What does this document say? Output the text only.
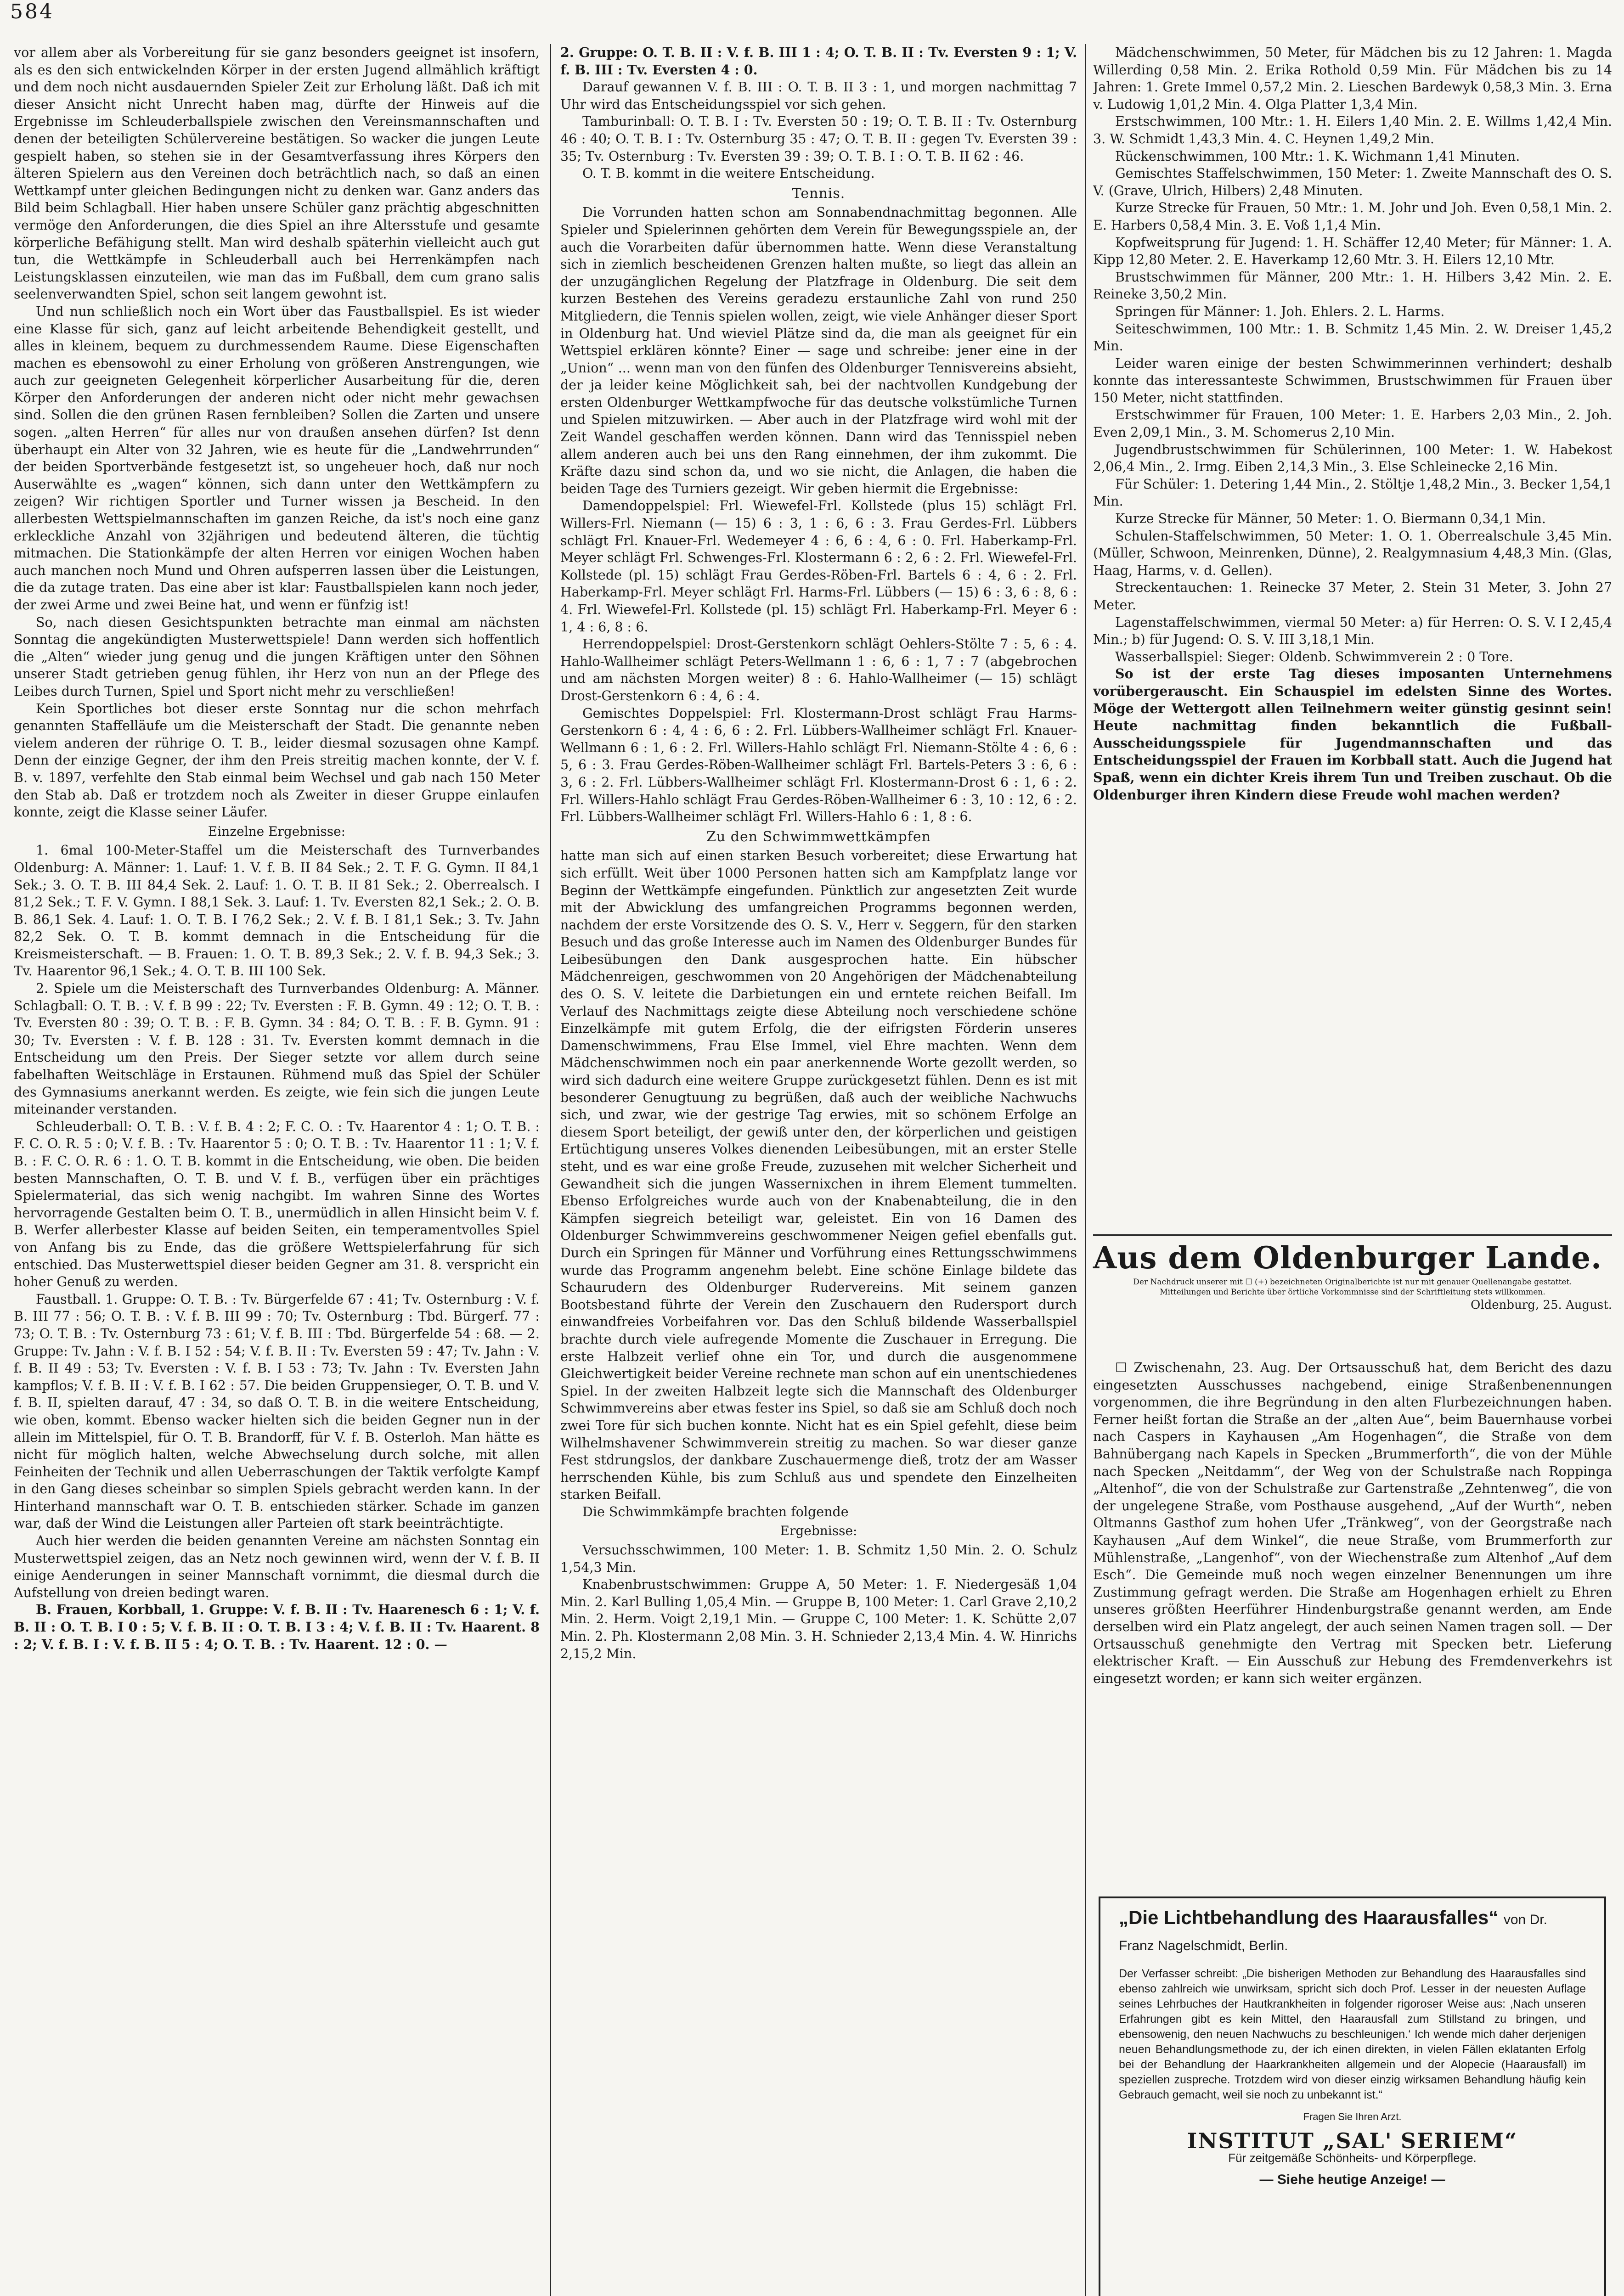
584

vor allem aber als Vorbereitung für sie ganz besonders geeignet ist insofern, als es den sich entwickelnden Körper in der ersten Jugend allmählich kräftigt und dem noch nicht ausdauernden Spieler Zeit zur Erholung läßt. Daß ich mit dieser Ansicht nicht Unrecht haben mag, dürfte der Hinweis auf die Ergebnisse im Schleuderballspiele zwischen den Vereinsmannschaften und denen der beteiligten Schülervereine bestätigen. So wacker die jungen Leute gespielt haben, so stehen sie in der Gesamtverfassung ihres Körpers den älteren Spielern aus den Vereinen doch beträchtlich nach, so daß an einen Wettkampf unter gleichen Bedingungen nicht zu denken war. Ganz anders das Bild beim Schlagball. Hier haben unsere Schüler ganz prächtig abgeschnitten vermöge den Anforderungen, die dies Spiel an ihre Altersstufe und gesamte körperliche Befähigung stellt. Man wird deshalb späterhin vielleicht auch gut tun, die Wettkämpfe in Schleuderball auch bei Herrenkämpfen nach Leistungsklassen einzuteilen, wie man das im Fußball, dem cum grano salis seelenverwandten Spiel, schon seit langem gewohnt ist.

Und nun schließlich noch ein Wort über das Faustballspiel. Es ist wieder eine Klasse für sich, ganz auf leicht arbeitende Behendigkeit gestellt, und alles in kleinem, bequem zu durchmessendem Raume. Diese Eigenschaften machen es ebensowohl zu einer Erholung von größeren Anstrengungen, wie auch zur geeigneten Gelegenheit körperlicher Ausarbeitung für die, deren Körper den Anforderungen der anderen nicht oder nicht mehr gewachsen sind. Sollen die den grünen Rasen fernbleiben? Sollen die Zarten und unsere sogen. „alten Herren“ für alles nur von draußen ansehen dürfen? Ist denn überhaupt ein Alter von 32 Jahren, wie es heute für die „Landwehrrunden“ der beiden Sportverbände festgesetzt ist, so ungeheuer hoch, daß nur noch Auserwählte es „wagen“ können, sich dann unter den Wettkämpfern zu zeigen? Wir richtigen Sportler und Turner wissen ja Bescheid. In den allerbesten Wettspielmannschaften im ganzen Reiche, da ist's noch eine ganz erkleckliche Anzahl von 32jährigen und bedeutend älteren, die tüchtig mitmachen. Die Stationkämpfe der alten Herren vor einigen Wochen haben auch manchen noch Mund und Ohren aufsperren lassen über die Leistungen, die da zutage traten. Das eine aber ist klar: Faustballspielen kann noch jeder, der zwei Arme und zwei Beine hat, und wenn er fünfzig ist!

So, nach diesen Gesichtspunkten betrachte man einmal am nächsten Sonntag die angekündigten Musterwettspiele! Dann werden sich hoffentlich die „Alten“ wieder jung genug und die jungen Kräftigen unter den Söhnen unserer Stadt getrieben genug fühlen, ihr Herz von nun an der Pflege des Leibes durch Turnen, Spiel und Sport nicht mehr zu verschließen!

Kein Sportliches bot dieser erste Sonntag nur die schon mehrfach genannten Staffelläufe um die Meisterschaft der Stadt. Die genannte neben vielem anderen der rührige O. T. B., leider diesmal sozusagen ohne Kampf. Denn der einzige Gegner, der ihm den Preis streitig machen konnte, der V. f. B. v. 1897, verfehlte den Stab einmal beim Wechsel und gab nach 150 Meter den Stab ab. Daß er trotzdem noch als Zweiter in dieser Gruppe einlaufen konnte, zeigt die Klasse seiner Läufer.

Einzelne Ergebnisse:

1. 6mal 100-Meter-Staffel um die Meisterschaft des Turnverbandes Oldenburg: A. Männer: 1. Lauf: 1. V. f. B. II 84 Sek.; 2. T. F. G. Gymn. II 84,1 Sek.; 3. O. T. B. III 84,4 Sek. 2. Lauf: 1. O. T. B. II 81 Sek.; 2. Oberrealsch. I 81,2 Sek.; T. F. V. Gymn. I 88,1 Sek. 3. Lauf: 1. Tv. Eversten 82,1 Sek.; 2. O. B. B. 86,1 Sek. 4. Lauf: 1. O. T. B. I 76,2 Sek.; 2. V. f. B. I 81,1 Sek.; 3. Tv. Jahn 82,2 Sek. O. T. B. kommt demnach in die Entscheidung für die Kreismeisterschaft. — B. Frauen: 1. O. T. B. 89,3 Sek.; 2. V. f. B. 94,3 Sek.; 3. Tv. Haarentor 96,1 Sek.; 4. O. T. B. III 100 Sek.

2. Spiele um die Meisterschaft des Turnverbandes Oldenburg: A. Männer. Schlagball: O. T. B. : V. f. B 99 : 22; Tv. Eversten : F. B. Gymn. 49 : 12; O. T. B. : Tv. Eversten 80 : 39; O. T. B. : F. B. Gymn. 34 : 84; O. T. B. : F. B. Gymn. 91 : 30; Tv. Eversten : V. f. B. 128 : 31. Tv. Eversten kommt demnach in die Entscheidung um den Preis. Der Sieger setzte vor allem durch seine fabelhaften Weitschläge in Erstaunen. Rühmend muß das Spiel der Schüler des Gymnasiums anerkannt werden. Es zeigte, wie fein sich die jungen Leute miteinander verstanden.

Schleuderball: O. T. B. : V. f. B. 4 : 2; F. C. O. : Tv. Haarentor 4 : 1; O. T. B. : F. C. O. R. 5 : 0; V. f. B. : Tv. Haarentor 5 : 0; O. T. B. : Tv. Haarentor 11 : 1; V. f. B. : F. C. O. R. 6 : 1. O. T. B. kommt in die Entscheidung, wie oben. Die beiden besten Mannschaften, O. T. B. und V. f. B., verfügen über ein prächtiges Spielermaterial, das sich wenig nachgibt. Im wahren Sinne des Wortes hervorragende Gestalten beim O. T. B., unermüdlich in allen Hinsicht beim V. f. B. Werfer allerbester Klasse auf beiden Seiten, ein temperamentvolles Spiel von Anfang bis zu Ende, das die größere Wettspielerfahrung für sich entschied. Das Musterwettspiel dieser beiden Gegner am 31. 8. verspricht ein hoher Genuß zu werden.

Faustball. 1. Gruppe: O. T. B. : Tv. Bürgerfelde 67 : 41; Tv. Osternburg : V. f. B. III 77 : 56; O. T. B. : V. f. B. III 99 : 70; Tv. Osternburg : Tbd. Bürgerf. 77 : 73; O. T. B. : Tv. Osternburg 73 : 61; V. f. B. III : Tbd. Bürgerfelde 54 : 68. — 2. Gruppe: Tv. Jahn : V. f. B. I 52 : 54; V. f. B. II : Tv. Eversten 59 : 47; Tv. Jahn : V. f. B. II 49 : 53; Tv. Eversten : V. f. B. I 53 : 73; Tv. Jahn : Tv. Eversten Jahn kampflos; V. f. B. II : V. f. B. I 62 : 57. Die beiden Gruppensieger, O. T. B. und V. f. B. II, spielten darauf, 47 : 34, so daß O. T. B. in die weitere Entscheidung, wie oben, kommt. Ebenso wacker hielten sich die beiden Gegner nun in der allein im Mittelspiel, für O. T. B. Brandorff, für V. f. B. Osterloh. Man hätte es nicht für möglich halten, welche Abwechselung durch solche, mit allen Feinheiten der Technik und allen Ueberraschungen der Taktik verfolgte Kampf in den Gang dieses scheinbar so simplen Spiels gebracht werden kann. In der Hinterhand mannschaft war O. T. B. entschieden stärker. Schade im ganzen war, daß der Wind die Leistungen aller Parteien oft stark beeinträchtigte.

Auch hier werden die beiden genannten Vereine am nächsten Sonntag ein Musterwettspiel zeigen, das an Netz noch gewinnen wird, wenn der V. f. B. II einige Aenderungen in seiner Mannschaft vornimmt, die diesmal durch die Aufstellung von dreien bedingt waren.

B. Frauen, Korbball, 1. Gruppe: V. f. B. II : Tv. Haarenesch 6 : 1; V. f. B. II : O. T. B. I 0 : 5; V. f. B. II : O. T. B. I 3 : 4; V. f. B. II : Tv. Haarent. 8 : 2; V. f. B. I : V. f. B. II 5 : 4; O. T. B. : Tv. Haarent. 12 : 0. —

2. Gruppe: O. T. B. II : V. f. B. III 1 : 4; O. T. B. II : Tv. Eversten 9 : 1; V. f. B. III : Tv. Eversten 4 : 0.

Darauf gewannen V. f. B. III : O. T. B. II 3 : 1, und morgen nachmittag 7 Uhr wird das Entscheidungsspiel vor sich gehen.

Tamburinball: O. T. B. I : Tv. Eversten 50 : 19; O. T. B. II : Tv. Osternburg 46 : 40; O. T. B. I : Tv. Osternburg 35 : 47; O. T. B. II : gegen Tv. Eversten 39 : 35; Tv. Osternburg : Tv. Eversten 39 : 39; O. T. B. I : O. T. B. II 62 : 46.

O. T. B. kommt in die weitere Entscheidung.

Tennis.

Die Vorrunden hatten schon am Sonnabendnachmittag begonnen. Alle Spieler und Spielerinnen gehörten dem Verein für Bewegungsspiele an, der auch die Vorarbeiten dafür übernommen hatte. Wenn diese Veranstaltung sich in ziemlich bescheidenen Grenzen halten mußte, so liegt das allein an der unzugänglichen Regelung der Platzfrage in Oldenburg. Die seit dem kurzen Bestehen des Vereins geradezu erstaunliche Zahl von rund 250 Mitgliedern, die Tennis spielen wollen, zeigt, wie viele Anhänger dieser Sport in Oldenburg hat. Und wieviel Plätze sind da, die man als geeignet für ein Wettspiel erklären könnte? Einer — sage und schreibe: jener eine in der „Union“ ... wenn man von den fünfen des Oldenburger Tennisvereins absieht, der ja leider keine Möglichkeit sah, bei der nachtvollen Kundgebung der ersten Oldenburger Wettkampfwoche für das deutsche volkstümliche Turnen und Spielen mitzuwirken. — Aber auch in der Platzfrage wird wohl mit der Zeit Wandel geschaffen werden können. Dann wird das Tennisspiel neben allem anderen auch bei uns den Rang einnehmen, der ihm zukommt. Die Kräfte dazu sind schon da, und wo sie nicht, die Anlagen, die haben die beiden Tage des Turniers gezeigt. Wir geben hiermit die Ergebnisse:

Damendoppelspiel: Frl. Wiewefel-Frl. Kollstede (plus 15) schlägt Frl. Willers-Frl. Niemann (— 15) 6 : 3, 1 : 6, 6 : 3. Frau Gerdes-Frl. Lübbers schlägt Frl. Knauer-Frl. Wedemeyer 4 : 6, 6 : 4, 6 : 0. Frl. Haberkamp-Frl. Meyer schlägt Frl. Schwenges-Frl. Klostermann 6 : 2, 6 : 2. Frl. Wiewefel-Frl. Kollstede (pl. 15) schlägt Frau Gerdes-Röben-Frl. Bartels 6 : 4, 6 : 2. Frl. Haberkamp-Frl. Meyer schlägt Frl. Harms-Frl. Lübbers (— 15) 6 : 3, 6 : 8, 6 : 4. Frl. Wiewefel-Frl. Kollstede (pl. 15) schlägt Frl. Haberkamp-Frl. Meyer 6 : 1, 4 : 6, 8 : 6.

Herrendoppelspiel: Drost-Gerstenkorn schlägt Oehlers-Stölte 7 : 5, 6 : 4. Hahlo-Wallheimer schlägt Peters-Wellmann 1 : 6, 6 : 1, 7 : 7 (abgebrochen und am nächsten Morgen weiter) 8 : 6. Hahlo-Wallheimer (— 15) schlägt Drost-Gerstenkorn 6 : 4, 6 : 4.

Gemischtes Doppelspiel: Frl. Klostermann-Drost schlägt Frau Harms-Gerstenkorn 6 : 4, 4 : 6, 6 : 2. Frl. Lübbers-Wallheimer schlägt Frl. Knauer-Wellmann 6 : 1, 6 : 2. Frl. Willers-Hahlo schlägt Frl. Niemann-Stölte 4 : 6, 6 : 5, 6 : 3. Frau Gerdes-Röben-Wallheimer schlägt Frl. Bartels-Peters 3 : 6, 6 : 3, 6 : 2. Frl. Lübbers-Wallheimer schlägt Frl. Klostermann-Drost 6 : 1, 6 : 2. Frl. Willers-Hahlo schlägt Frau Gerdes-Röben-Wallheimer 6 : 3, 10 : 12, 6 : 2. Frl. Lübbers-Wallheimer schlägt Frl. Willers-Hahlo 6 : 1, 8 : 6.

Zu den Schwimmwettkämpfen

hatte man sich auf einen starken Besuch vorbereitet; diese Erwartung hat sich erfüllt. Weit über 1000 Personen hatten sich am Kampfplatz lange vor Beginn der Wettkämpfe eingefunden. Pünktlich zur angesetzten Zeit wurde mit der Abwicklung des umfangreichen Programms begonnen werden, nachdem der erste Vorsitzende des O. S. V., Herr v. Seggern, für den starken Besuch und das große Interesse auch im Namen des Oldenburger Bundes für Leibesübungen den Dank ausgesprochen hatte. Ein hübscher Mädchenreigen, geschwommen von 20 Angehörigen der Mädchenabteilung des O. S. V. leitete die Darbietungen ein und erntete reichen Beifall. Im Verlauf des Nachmittags zeigte diese Abteilung noch verschiedene schöne Einzelkämpfe mit gutem Erfolg, die der eifrigsten Förderin unseres Damenschwimmens, Frau Else Immel, viel Ehre machten. Wenn dem Mädchenschwimmen noch ein paar anerkennende Worte gezollt werden, so wird sich dadurch eine weitere Gruppe zurückgesetzt fühlen. Denn es ist mit besonderer Genugtuung zu begrüßen, daß auch der weibliche Nachwuchs sich, und zwar, wie der gestrige Tag erwies, mit so schönem Erfolge an diesem Sport beteiligt, der gewiß unter den, der körperlichen und geistigen Ertüchtigung unseres Volkes dienenden Leibesübungen, mit an erster Stelle steht, und es war eine große Freude, zuzusehen mit welcher Sicherheit und Gewandheit sich die jungen Wassernixchen in ihrem Element tummelten. Ebenso Erfolgreiches wurde auch von der Knabenabteilung, die in den Kämpfen siegreich beteiligt war, geleistet. Ein von 16 Damen des Oldenburger Schwimmvereins geschwommener Neigen gefiel ebenfalls gut. Durch ein Springen für Männer und Vorführung eines Rettungsschwimmens wurde das Programm angenehm belebt. Eine schöne Einlage bildete das Schaurudern des Oldenburger Rudervereins. Mit seinem ganzen Bootsbestand führte der Verein den Zuschauern den Rudersport durch einwandfreies Vorbeifahren vor. Das den Schluß bildende Wasserballspiel brachte durch viele aufregende Momente die Zuschauer in Erregung. Die erste Halbzeit verlief ohne ein Tor, und durch die ausgenommene Gleichwertigkeit beider Vereine rechnete man schon auf ein unentschiedenes Spiel. In der zweiten Halbzeit legte sich die Mannschaft des Oldenburger Schwimmvereins aber etwas fester ins Spiel, so daß sie am Schluß doch noch zwei Tore für sich buchen konnte. Nicht hat es ein Spiel gefehlt, diese beim Wilhelmshavener Schwimmverein streitig zu machen. So war dieser ganze Fest stdrungslos, der dankbare Zuschauermenge dieß, trotz der am Wasser herrschenden Kühle, bis zum Schluß aus und spendete den Einzelheiten starken Beifall.

Die Schwimmkämpfe brachten folgende

Ergebnisse:

Versuchsschwimmen, 100 Meter: 1. B. Schmitz 1,50 Min. 2. O. Schulz 1,54,3 Min.

Knabenbrustschwimmen: Gruppe A, 50 Meter: 1. F. Niedergesäß 1,04 Min. 2. Karl Bulling 1,05,4 Min. — Gruppe B, 100 Meter: 1. Carl Grave 2,10,2 Min. 2. Herm. Voigt 2,19,1 Min. — Gruppe C, 100 Meter: 1. K. Schütte 2,07 Min. 2. Ph. Klostermann 2,08 Min. 3. H. Schnieder 2,13,4 Min. 4. W. Hinrichs 2,15,2 Min.

Mädchenschwimmen, 50 Meter, für Mädchen bis zu 12 Jahren: 1. Magda Willerding 0,58 Min. 2. Erika Rothold 0,59 Min. Für Mädchen bis zu 14 Jahren: 1. Grete Immel 0,57,2 Min. 2. Lieschen Bardewyk 0,58,3 Min. 3. Erna v. Ludowig 1,01,2 Min. 4. Olga Platter 1,3,4 Min.

Erstschwimmen, 100 Mtr.: 1. H. Eilers 1,40 Min. 2. E. Willms 1,42,4 Min. 3. W. Schmidt 1,43,3 Min. 4. C. Heynen 1,49,2 Min.

Rückenschwimmen, 100 Mtr.: 1. K. Wichmann 1,41 Minuten.

Gemischtes Staffelschwimmen, 150 Meter: 1. Zweite Mannschaft des O. S. V. (Grave, Ulrich, Hilbers) 2,48 Minuten.

Kurze Strecke für Frauen, 50 Mtr.: 1. M. Johr und Joh. Even 0,58,1 Min. 2. E. Harbers 0,58,4 Min. 3. E. Voß 1,1,4 Min.

Kopfweitsprung für Jugend: 1. H. Schäffer 12,40 Meter; für Männer: 1. A. Kipp 12,80 Meter. 2. E. Haverkamp 12,60 Mtr. 3. H. Eilers 12,10 Mtr.

Brustschwimmen für Männer, 200 Mtr.: 1. H. Hilbers 3,42 Min. 2. E. Reineke 3,50,2 Min.

Springen für Männer: 1. Joh. Ehlers. 2. L. Harms.

Seiteschwimmen, 100 Mtr.: 1. B. Schmitz 1,45 Min. 2. W. Dreiser 1,45,2 Min.

Leider waren einige der besten Schwimmerinnen verhindert; deshalb konnte das interessanteste Schwimmen, Brustschwimmen für Frauen über 150 Meter, nicht stattfinden.

Erstschwimmer für Frauen, 100 Meter: 1. E. Harbers 2,03 Min., 2. Joh. Even 2,09,1 Min., 3. M. Schomerus 2,10 Min.

Jugendbrustschwimmen für Schülerinnen, 100 Meter: 1. W. Habekost 2,06,4 Min., 2. Irmg. Eiben 2,14,3 Min., 3. Else Schleinecke 2,16 Min.

Für Schüler: 1. Detering 1,44 Min., 2. Stöltje 1,48,2 Min., 3. Becker 1,54,1 Min.

Kurze Strecke für Männer, 50 Meter: 1. O. Biermann 0,34,1 Min.

Schulen-Staffelschwimmen, 50 Meter: 1. O. 1. Oberrealschule 3,45 Min. (Müller, Schwoon, Meinrenken, Dünne), 2. Realgymnasium 4,48,3 Min. (Glas, Haag, Harms, v. d. Gellen).

Streckentauchen: 1. Reinecke 37 Meter, 2. Stein 31 Meter, 3. John 27 Meter.

Lagenstaffelschwimmen, viermal 50 Meter: a) für Herren: O. S. V. I 2,45,4 Min.; b) für Jugend: O. S. V. III 3,18,1 Min.

Wasserballspiel: Sieger: Oldenb. Schwimmverein 2 : 0 Tore.

So ist der erste Tag dieses imposanten Unternehmens vorübergerauscht. Ein Schauspiel im edelsten Sinne des Wortes. Möge der Wettergott allen Teilnehmern weiter günstig gesinnt sein! Heute nachmittag finden bekanntlich die Fußball-Ausscheidungsspiele für Jugendmannschaften und das Entscheidungsspiel der Frauen im Korbball statt. Auch die Jugend hat Spaß, wenn ein dichter Kreis ihrem Tun und Treiben zuschaut. Ob die Oldenburger ihren Kindern diese Freude wohl machen werden?

Aus dem Oldenburger Lande.
Der Nachdruck unserer mit ☐ (+) bezeichneten Originalberichte ist nur mit genauer Quellenangabe gestattet. Mitteilungen und Berichte über örtliche Vorkommnisse sind der Schriftleitung stets willkommen.
Oldenburg, 25. August.

☐ Zwischenahn, 23. Aug. Der Ortsausschuß hat, dem Bericht des dazu eingesetzten Ausschusses nachgebend, einige Straßenbenennungen vorgenommen, die ihre Begründung in den alten Flurbezeichnungen haben. Ferner heißt fortan die Straße an der „alten Aue“, beim Bauernhause vorbei nach Caspers in Kayhausen „Am Hogenhagen“, die Straße von dem Bahnübergang nach Kapels in Specken „Brummerforth“, die von der Mühle nach Specken „Neitdamm“, der Weg von der Schulstraße nach Roppinga „Altenhof“, die von der Schulstraße zur Gartenstraße „Zehntenweg“, die von der ungelegene Straße, vom Posthause ausgehend, „Auf der Wurth“, neben Oltmanns Gasthof zum hohen Ufer „Tränkweg“, von der Georgstraße nach Kayhausen „Auf dem Winkel“, die neue Straße, vom Brummerforth zur Mühlenstraße, „Langenhof“, von der Wiechenstraße zum Altenhof „Auf dem Esch“. Die Gemeinde muß noch wegen einzelner Benennungen um ihre Zustimmung gefragt werden. Die Straße am Hogenhagen erhielt zu Ehren unseres größten Heerführer Hindenburgstraße genannt werden, am Ende derselben wird ein Platz angelegt, der auch seinen Namen tragen soll. — Der Ortsausschuß genehmigte den Vertrag mit Specken betr. Lieferung elektrischer Kraft. — Ein Ausschuß zur Hebung des Fremdenverkehrs ist eingesetzt worden; er kann sich weiter ergänzen.

„Die Lichtbehandlung des Haarausfalles“ von Dr. Franz Nagelschmidt, Berlin.
Der Verfasser schreibt: „Die bisherigen Methoden zur Behandlung des Haarausfalles sind ebenso zahlreich wie unwirksam, spricht sich doch Prof. Lesser in der neuesten Auflage seines Lehrbuches der Hautkrankheiten in folgender rigoroser Weise aus: ‚Nach unseren Erfahrungen gibt es kein Mittel, den Haarausfall zum Stillstand zu bringen, und ebensowenig, den neuen Nachwuchs zu beschleunigen.‘ Ich wende mich daher derjenigen neuen Behandlungsmethode zu, der ich einen direkten, in vielen Fällen eklatanten Erfolg bei der Behandlung der Haarkrankheiten allgemein und der Alopecie (Haarausfall) im speziellen zuspreche. Trotzdem wird von dieser einzig wirksamen Behandlung häufig kein Gebrauch gemacht, weil sie noch zu unbekannt ist.“
Fragen Sie Ihren Arzt.
INSTITUT „SAL' SERIEM“
Für zeitgemäße Schönheits- und Körperpflege.
— Siehe heutige Anzeige! —
